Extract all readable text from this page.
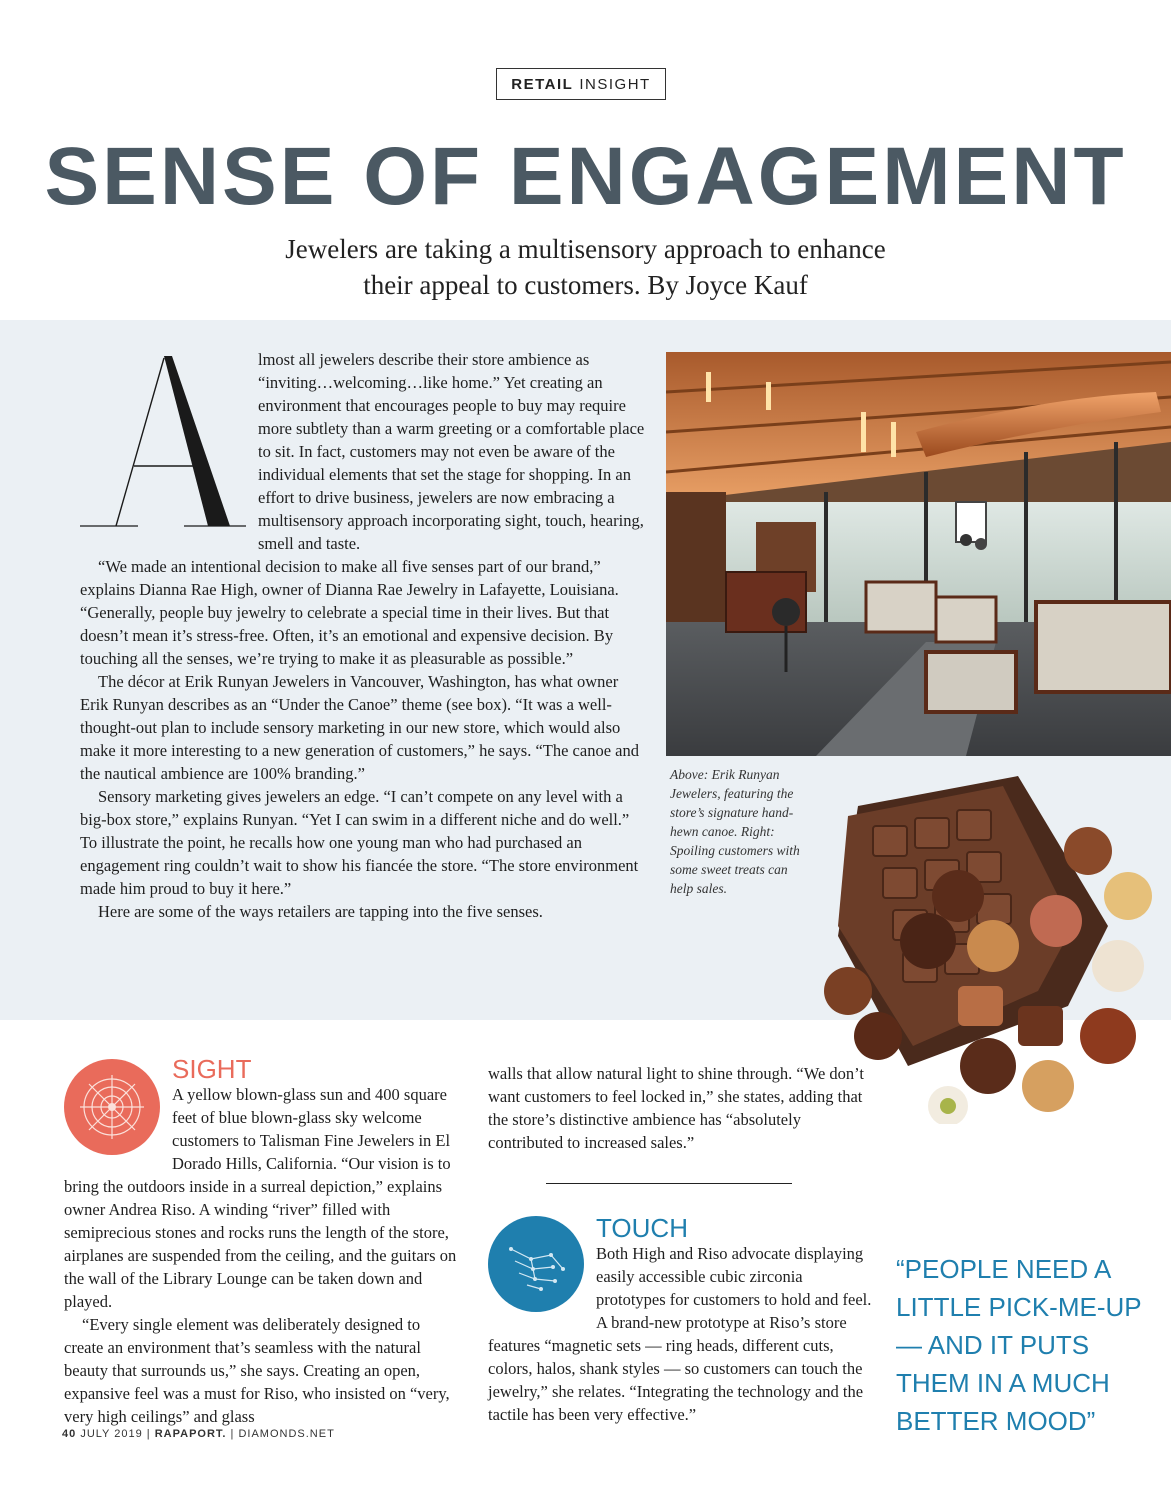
RETAIL INSIGHT
SENSE OF ENGAGEMENT
Jewelers are taking a multisensory approach to enhance
their appeal to customers. By Joyce Kauf

lmost all jewelers describe their store ambience as “inviting…welcoming…like home.” Yet creating an environment that encourages people to buy may require more subtlety than a warm greeting or a comfortable place to sit. In fact, customers may not even be aware of the individual elements that set the stage for shopping. In an effort to drive business, jewelers are now embracing a multisensory approach incorporating sight, touch, hearing, smell and taste.

“We made an intentional decision to make all five senses part of our brand,” explains Dianna Rae High, owner of Dianna Rae Jewelry in Lafayette, Louisiana. “Generally, people buy jewelry to celebrate a special time in their lives. But that doesn’t mean it’s stress-free. Often, it’s an emotional and expensive decision. By touching all the senses, we’re trying to make it as pleasurable as possible.”

The décor at Erik Runyan Jewelers in Vancouver, Washington, has what owner Erik Runyan describes as an “Under the Canoe” theme (see box). “It was a well-thought-out plan to include sensory marketing in our new store, which would also make it more interesting to a new generation of customers,” he says. “The canoe and the nautical ambience are 100% branding.”

Sensory marketing gives jewelers an edge. “I can’t compete on any level with a big-box store,” explains Runyan. “Yet I can swim in a different niche and do well.” To illustrate the point, he recalls how one young man who had purchased an engagement ring couldn’t wait to show his fiancée the store. “The store environment made him proud to buy it here.”

Here are some of the ways retailers are tapping into the five senses.

Above: Erik Runyan Jewelers, featuring the store’s signature hand-hewn canoe. Right: Spoiling customers with some sweet treats can help sales.
SIGHT

A yellow blown-glass sun and 400 square feet of blue blown-glass sky welcome customers to Talisman Fine Jewelers in El Dorado Hills, California. “Our vision is to bring the outdoors inside in a surreal depiction,” explains owner Andrea Riso. A winding “river” filled with semiprecious stones and rocks runs the length of the store, airplanes are suspended from the ceiling, and the guitars on the wall of the Library Lounge can be taken down and played.

“Every single element was deliberately designed to create an environment that’s seamless with the natural beauty that surrounds us,” she says. Creating an open, expansive feel was a must for Riso, who insisted on “very, very high ceilings” and glass

walls that allow natural light to shine through. “We don’t want customers to feel locked in,” she states, adding that the store’s distinctive ambience has “absolutely contributed to increased sales.”

TOUCH

Both High and Riso advocate displaying easily accessible cubic zirconia prototypes for customers to hold and feel. A brand-new prototype at Riso’s store features “magnetic sets — ring heads, different cuts, colors, halos, shank styles — so customers can touch the jewelry,” she relates. “Integrating the technology and the tactile has been very effective.”

“PEOPLE NEED A LITTLE PICK-ME-UP — AND IT PUTS THEM IN A MUCH BETTER MOOD”
40 JULY 2019 | RAPAPORT. | DIAMONDS.NET
